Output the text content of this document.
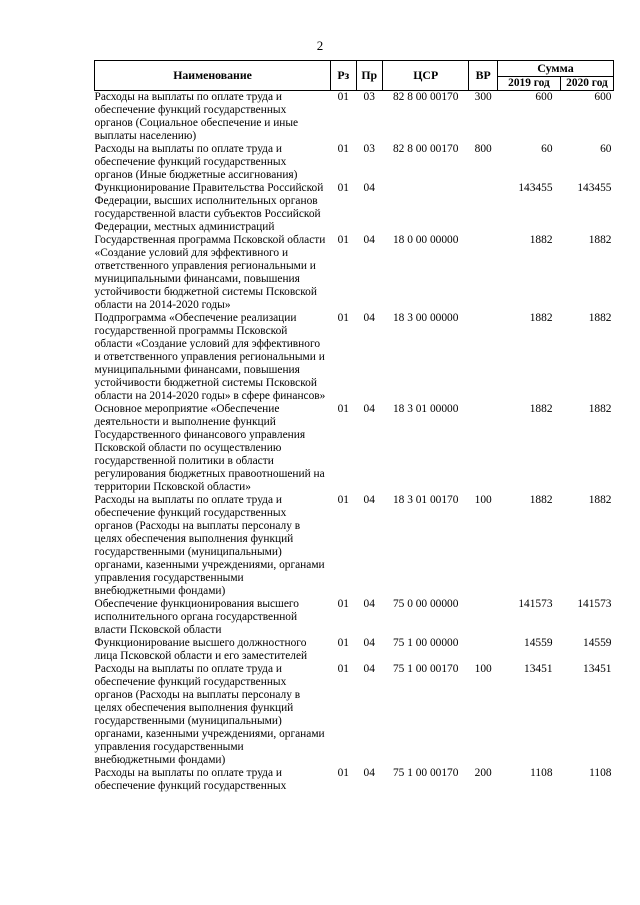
2
Наименование	Рз	Пр	ЦСР	ВР	Сумма	
					2019 год	2020 год
Расходы на выплаты по оплате труда и обеспечение функций государственных органов (Социальное обеспечение и иные выплаты населению)	01	03	82 8 00 00170	300	600	600
Расходы на выплаты по оплате труда и обеспечение функций государственных органов (Иные бюджетные ассигнования)	01	03	82 8 00 00170	800	60	60
Функционирование Правительства Российской Федерации, высших исполнительных органов государственной власти субъектов Российской Федерации, местных администраций	01	04			143455	143455
Государственная программа Псковской области «Создание условий для эффективного и ответственного управления региональными и муниципальными финансами, повышения устойчивости бюджетной системы Псковской области на 2014-2020 годы»	01	04	18 0 00 00000		1882	1882
Подпрограмма «Обеспечение реализации государственной программы Псковской области «Создание условий для эффективного и ответственного управления региональными и муниципальными финансами, повышения устойчивости бюджетной системы Псковской области на 2014-2020 годы» в сфере финансов»	01	04	18 3 00 00000		1882	1882
Основное мероприятие «Обеспечение деятельности и выполнение функций Государственного финансового управления Псковской области по осуществлению государственной политики в области регулирования бюджетных правоотношений на территории Псковской области»	01	04	18 3 01 00000		1882	1882
Расходы на выплаты по оплате труда и обеспечение функций государственных органов (Расходы на выплаты персоналу в целях обеспечения выполнения функций государственными (муниципальными) органами, казенными учреждениями, органами управления государственными внебюджетными фондами)	01	04	18 3 01 00170	100	1882	1882
Обеспечение функционирования высшего исполнительного органа государственной власти Псковской области	01	04	75 0 00 00000		141573	141573
Функционирование высшего должностного лица Псковской области и его заместителей	01	04	75 1 00 00000		14559	14559
Расходы на выплаты по оплате труда и обеспечение функций государственных органов (Расходы на выплаты персоналу в целях обеспечения выполнения функций государственными (муниципальными) органами, казенными учреждениями, органами управления государственными внебюджетными фондами)	01	04	75 1 00 00170	100	13451	13451
Расходы на выплаты по оплате труда и обеспечение функций государственных	01	04	75 1 00 00170	200	1108	1108
